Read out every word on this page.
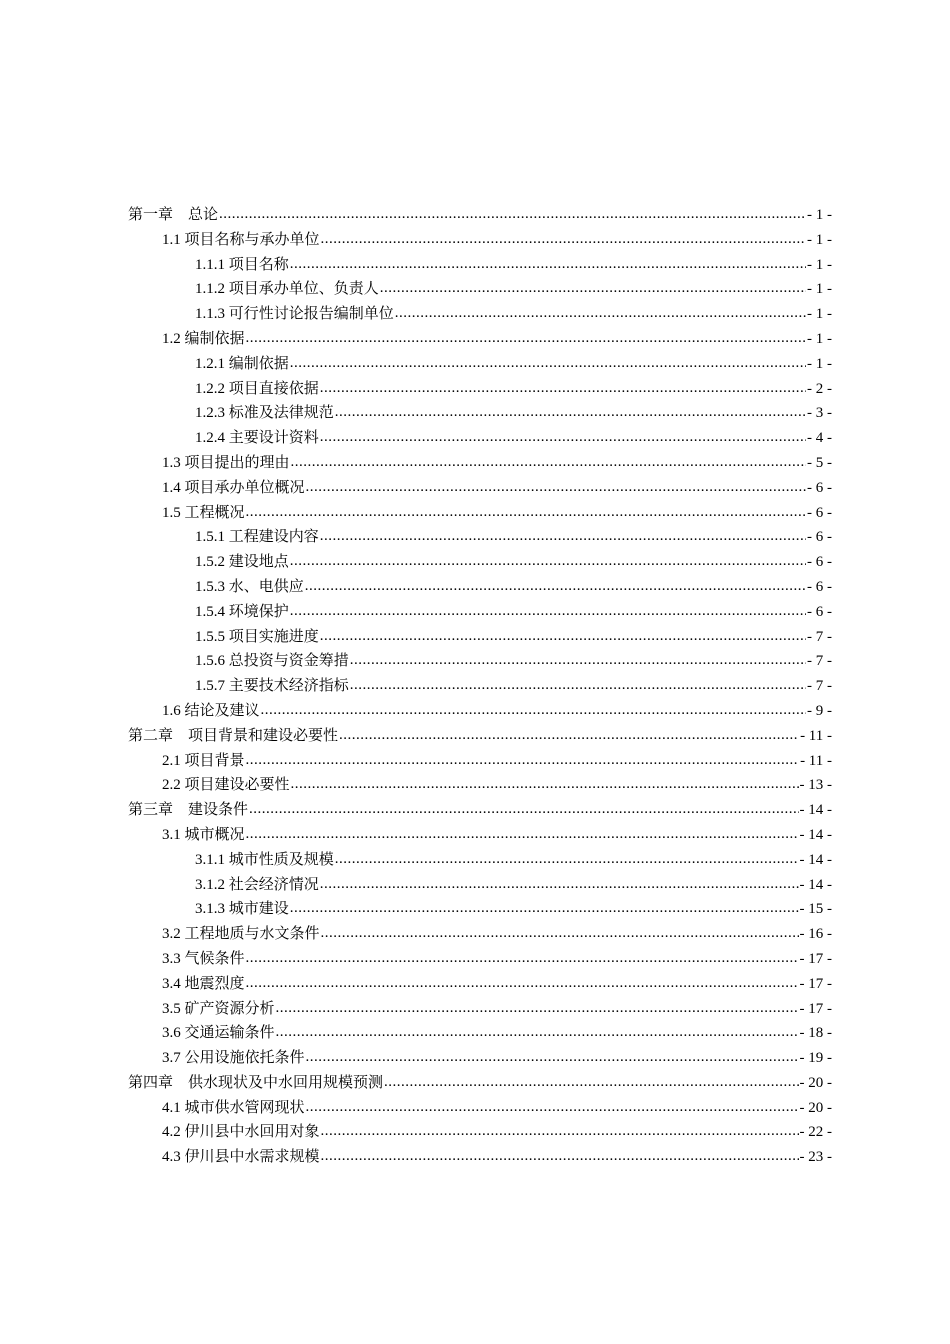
第一章　总论 .....	- 1 -
1.1 项目名称与承办单位 .....	- 1 -
1.1.1 项目名称 .....	- 1 -
1.1.2 项目承办单位、负责人 .....	- 1 -
1.1.3 可行性讨论报告编制单位 .....	- 1 -
1.2 编制依据 .....	- 1 -
1.2.1 编制依据 .....	- 1 -
1.2.2 项目直接依据 .....	- 2 -
1.2.3 标准及法律规范 .....	- 3 -
1.2.4 主要设计资料 .....	- 4 -
1.3 项目提出的理由 .....	- 5 -
1.4 项目承办单位概况 .....	- 6 -
1.5 工程概况 .....	- 6 -
1.5.1 工程建设内容 .....	- 6 -
1.5.2 建设地点 .....	- 6 -
1.5.3 水、电供应 .....	- 6 -
1.5.4 环境保护 .....	- 6 -
1.5.5 项目实施进度 .....	- 7 -
1.5.6 总投资与资金筹措 .....	- 7 -
1.5.7 主要技术经济指标 .....	- 7 -
1.6 结论及建议 .....	- 9 -
第二章　项目背景和建设必要性 .....	- 11 -
2.1 项目背景 .....	- 11 -
2.2 项目建设必要性 .....	- 13 -
第三章　建设条件 .....	- 14 -
3.1 城市概况 .....	- 14 -
3.1.1 城市性质及规模 .....	- 14 -
3.1.2 社会经济情况 .....	- 14 -
3.1.3 城市建设 .....	- 15 -
3.2 工程地质与水文条件 .....	- 16 -
3.3 气候条件 .....	- 17 -
3.4 地震烈度 .....	- 17 -
3.5 矿产资源分析 .....	- 17 -
3.6 交通运输条件 .....	- 18 -
3.7 公用设施依托条件 .....	- 19 -
第四章　供水现状及中水回用规模预测 .....	- 20 -
4.1 城市供水管网现状 .....	- 20 -
4.2 伊川县中水回用对象 .....	- 22 -
4.3 伊川县中水需求规模 .....	- 23 -
